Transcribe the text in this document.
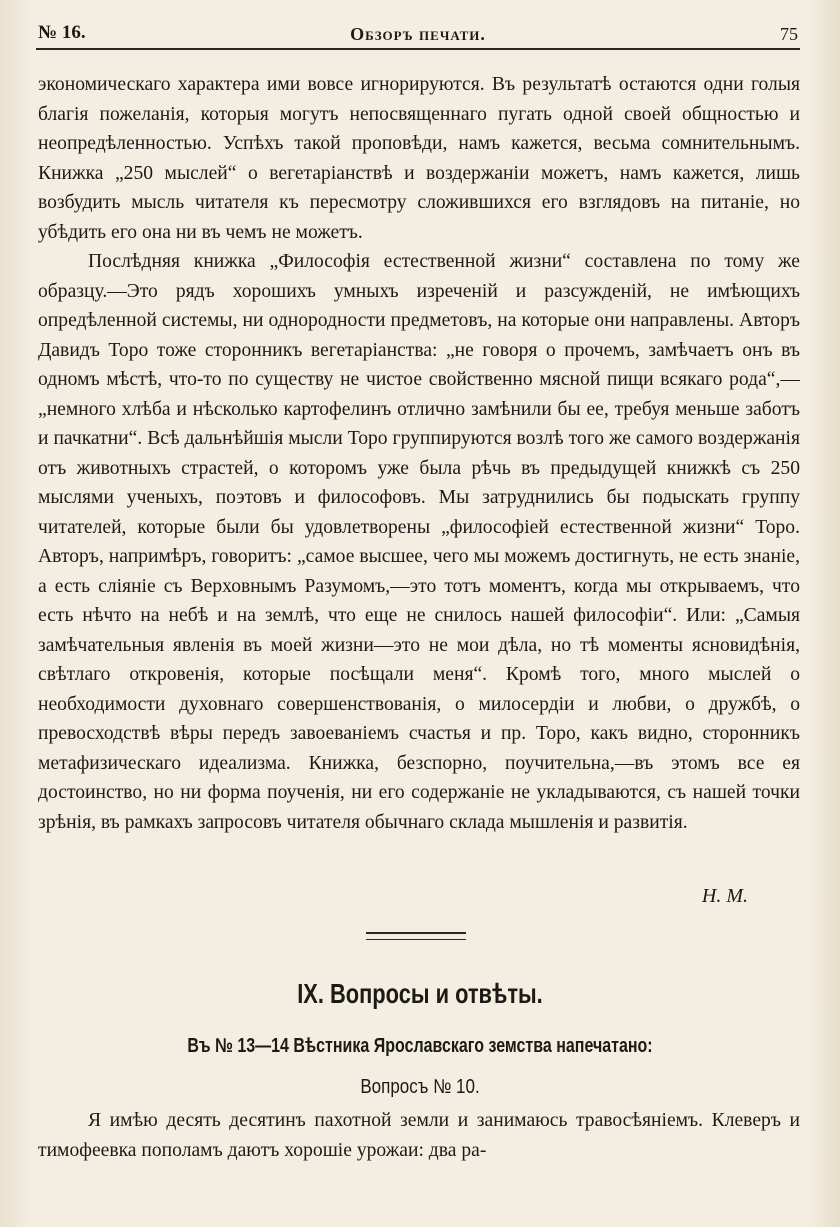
№ 16.	Обзоръ печати.	75

экономическаго характера ими вовсе игнорируются. Въ результатѣ остаются одни голыя благія пожеланія, которыя могутъ непосвященнаго пугать одной своей общностью и неопредѣленностью. Успѣхъ такой проповѣди, намъ кажется, весьма сомнительнымъ. Книжка „250 мыслей“ о вегетаріанствѣ и воздержаніи можетъ, намъ кажется, лишь возбудить мысль читателя къ пересмотру сложившихся его взглядовъ на питаніе, но убѣдить его она ни въ чемъ не можетъ.

Послѣдняя книжка „Философія естественной жизни“ составлена по тому же образцу.—Это рядъ хорошихъ умныхъ изреченій и разсужденій, не имѣющихъ опредѣленной системы, ни однородности предметовъ, на которые они направлены. Авторъ Давидъ Торо тоже сторонникъ вегетаріанства: „не говоря о прочемъ, замѣчаетъ онъ въ одномъ мѣстѣ, что-то по существу не чистое свойственно мясной пищи всякаго рода“,—„немного хлѣба и нѣсколько картофелинъ отлично замѣнили бы ее, требуя меньше заботъ и пачкатни“. Всѣ дальнѣйшія мысли Торо группируются возлѣ того же самого воздержанія отъ животныхъ страстей, о которомъ уже была рѣчь въ предыдущей книжкѣ съ 250 мыслями ученыхъ, поэтовъ и философовъ. Мы затруднились бы подыскать группу читателей, которые были бы удовлетворены „философіей естественной жизни“ Торо. Авторъ, напримѣръ, говоритъ: „самое высшее, чего мы можемъ достигнуть, не есть знаніе, а есть сліяніе съ Верховнымъ Разумомъ,—это тотъ моментъ, когда мы открываемъ, что есть нѣчто на небѣ и на землѣ, что еще не снилось нашей философіи“. Или: „Самыя замѣчательныя явленія въ моей жизни—это не мои дѣла, но тѣ моменты ясновидѣнія, свѣтлаго откровенія, которые посѣщали меня“. Кромѣ того, много мыслей о необходимости духовнаго совершенствованія, о милосердіи и любви, о дружбѣ, о превосходствѣ вѣры передъ завоеваніемъ счастья и пр. Торо, какъ видно, сторонникъ метафизическаго идеализма. Книжка, безспорно, поучительна,—въ этомъ все ея достоинство, но ни форма поученія, ни его содержаніе не укладываются, съ нашей точки зрѣнія, въ рамкахъ запросовъ читателя обычнаго склада мышленія и развитія.

Н. М.
IX. Вопросы и отвѣты.
Въ № 13—14 Вѣстника Ярославскаго земства напечатано:
Вопросъ № 10.

Я имѣю десять десятинъ пахотной земли и занимаюсь травосѣяніемъ. Клеверъ и тимофеевка пополамъ даютъ хорошіе урожаи: два ра-
